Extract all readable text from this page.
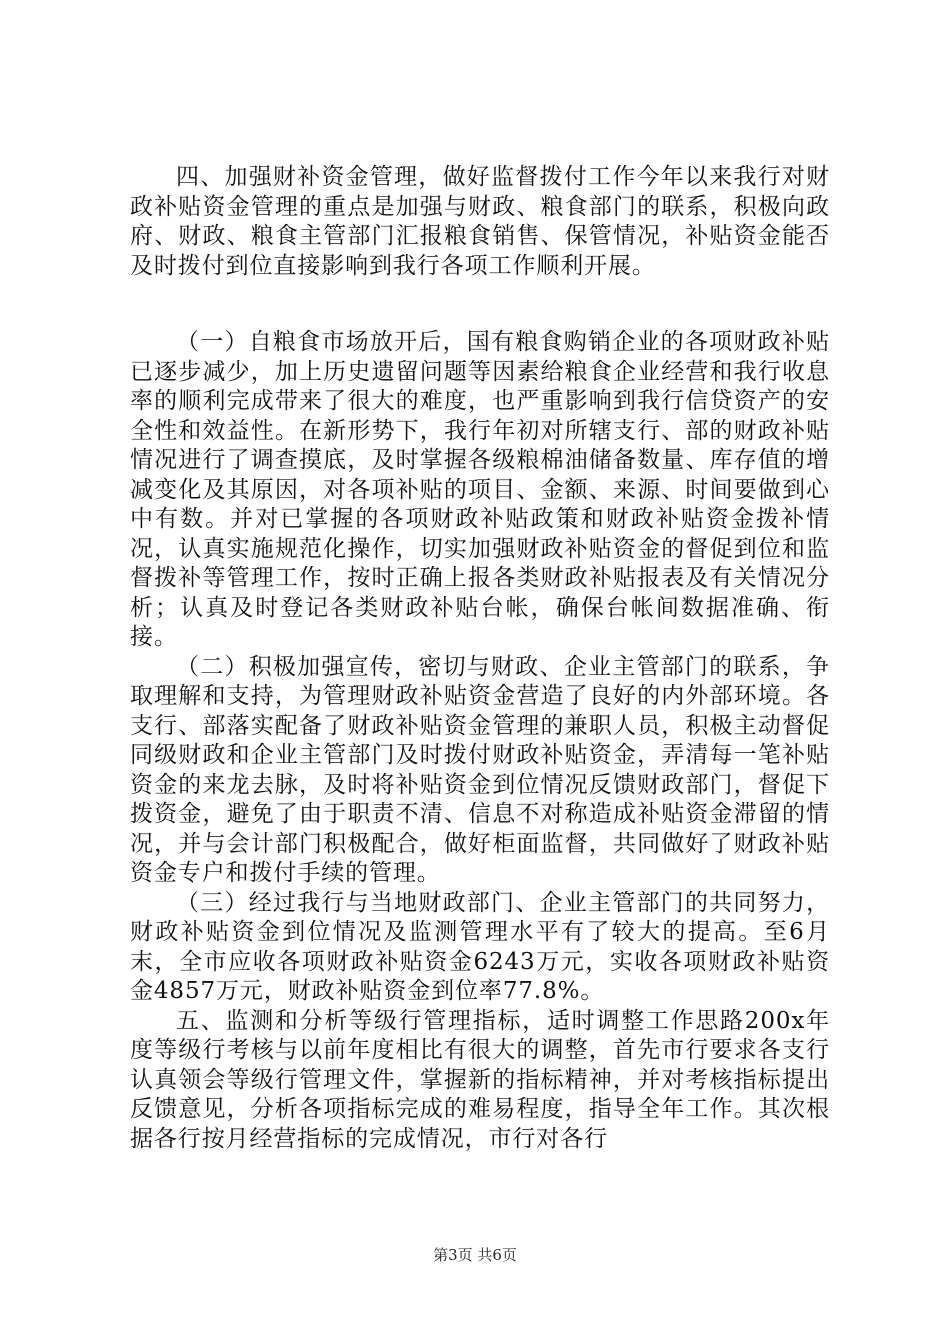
四、加强财补资金管理，做好监督拨付工作今年以来我行对财政补贴资金管理的重点是加强与财政、粮食部门的联系，积极向政府、财政、粮食主管部门汇报粮食销售、保管情况，补贴资金能否及时拨付到位直接影响到我行各项工作顺利开展。

（一）自粮食市场放开后，国有粮食购销企业的各项财政补贴已逐步减少，加上历史遗留问题等因素给粮食企业经营和我行收息率的顺利完成带来了很大的难度，也严重影响到我行信贷资产的安全性和效益性。在新形势下，我行年初对所辖支行、部的财政补贴情况进行了调查摸底，及时掌握各级粮棉油储备数量、库存值的增减变化及其原因，对各项补贴的项目、金额、来源、时间要做到心中有数。并对已掌握的各项财政补贴政策和财政补贴资金拨补情况，认真实施规范化操作，切实加强财政补贴资金的督促到位和监督拨补等管理工作，按时正确上报各类财政补贴报表及有关情况分析；认真及时登记各类财政补贴台帐，确保台帐间数据准确、衔接。

（二）积极加强宣传，密切与财政、企业主管部门的联系，争取理解和支持，为管理财政补贴资金营造了良好的内外部环境。各支行、部落实配备了财政补贴资金管理的兼职人员，积极主动督促同级财政和企业主管部门及时拨付财政补贴资金，弄清每一笔补贴资金的来龙去脉，及时将补贴资金到位情况反馈财政部门，督促下拨资金，避免了由于职责不清、信息不对称造成补贴资金滞留的情况，并与会计部门积极配合，做好柜面监督，共同做好了财政补贴资金专户和拨付手续的管理。

（三）经过我行与当地财政部门、企业主管部门的共同努力，财政补贴资金到位情况及监测管理水平有了较大的提高。至6月末，全市应收各项财政补贴资金6243万元，实收各项财政补贴资金4857万元，财政补贴资金到位率77.8%。

五、监测和分析等级行管理指标，适时调整工作思路200x年度等级行考核与以前年度相比有很大的调整，首先市行要求各支行认真领会等级行管理文件，掌握新的指标精神，并对考核指标提出反馈意见，分析各项指标完成的难易程度，指导全年工作。其次根据各行按月经营指标的完成情况，市行对各行

第3页 共6页
